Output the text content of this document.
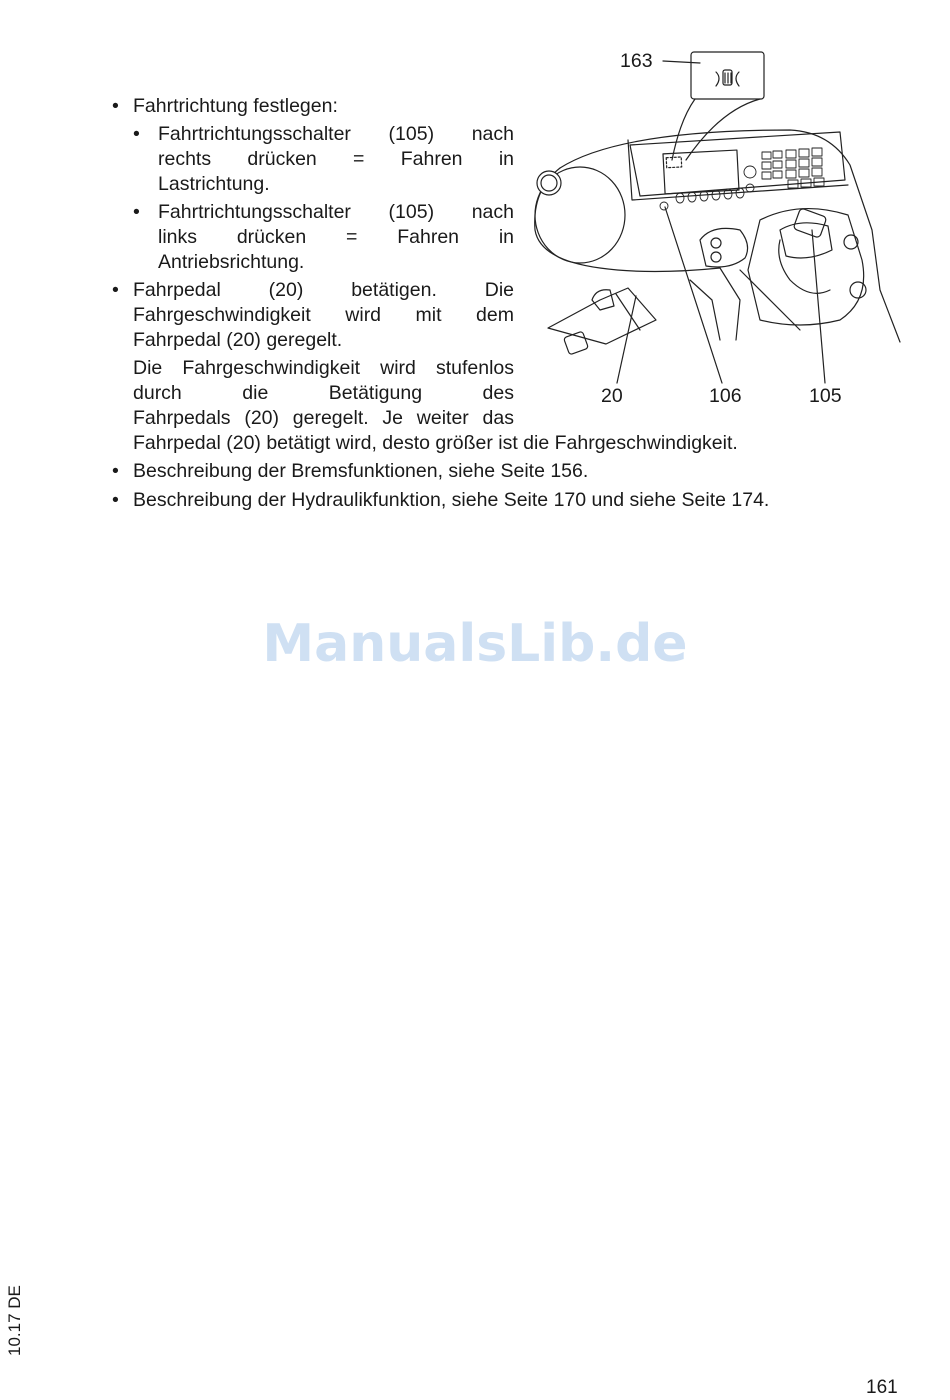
• Fahrtrichtung festlegen:
• Fahrtrichtungsschalter (105) nach
rechts drücken = Fahren in
Lastrichtung.
• Fahrtrichtungsschalter (105) nach
links drücken = Fahren in
Antriebsrichtung.
• Fahrpedal (20) betätigen. Die
Fahrgeschwindigkeit wird mit dem
Fahrpedal (20) geregelt.
Die Fahrgeschwindigkeit wird stufenlos
durch die Betätigung des
Fahrpedals (20) geregelt. Je weiter das
Fahrpedal (20) betätigt wird, desto größer ist die Fahrgeschwindigkeit.
• Beschreibung der Bremsfunktionen, siehe Seite 156.
• Beschreibung der Hydraulikfunktion, siehe Seite 170 und siehe Seite 174.
163
20	106	105
ManualsLib.de
10.17 DE
161
